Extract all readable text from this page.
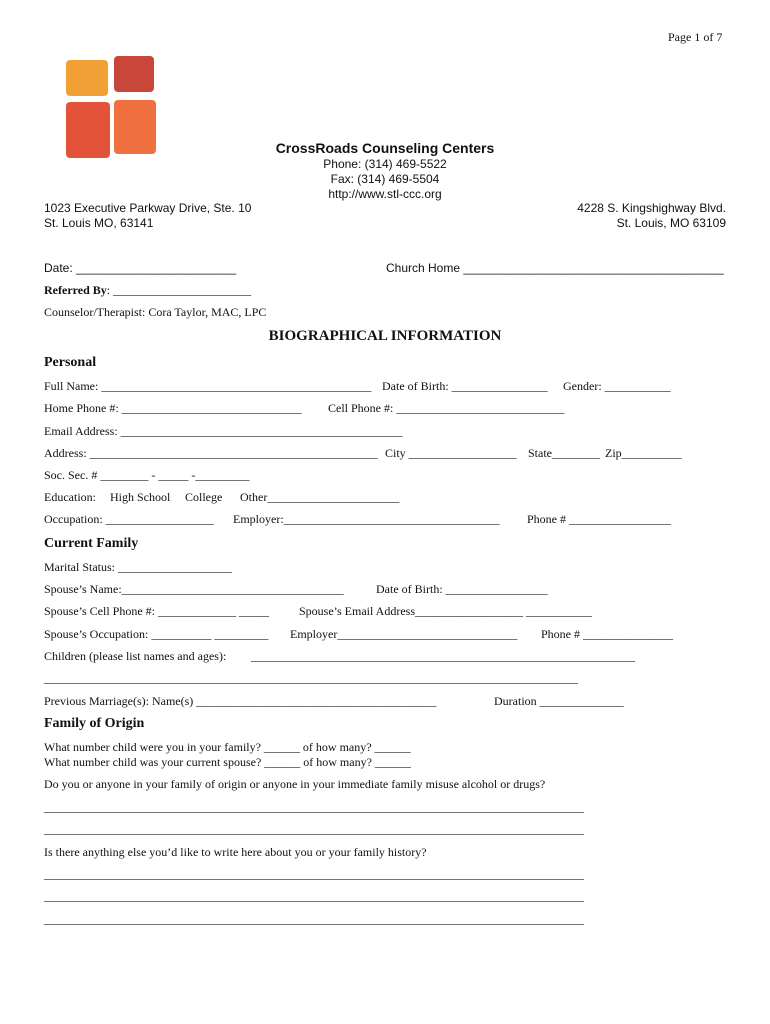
Page 1 of 7
CrossRoads Counseling Centers
Phone: (314) 469-5522
Fax: (314) 469-5504
http://www.stl-ccc.org
1023 Executive Parkway Drive, Ste. 10
St. Louis MO, 63141
4228 S. Kingshighway Blvd.
St. Louis, MO 63109
Date: ________________________	Church Home _______________________________________
Referred By: _______________________
Counselor/Therapist: Cora Taylor, MAC, LPC
BIOGRAPHICAL INFORMATION
Personal
Full Name: _____________________________________________ Date of Birth: ________________ Gender: ___________
Home Phone #: ______________________________ Cell Phone #: ____________________________
Email Address: _______________________________________________
Address: ________________________________________________ City __________________ State________ Zip__________
Soc. Sec. # ________ - _____ -_________
Education: High School College Other______________________
Occupation: __________________ Employer:____________________________________ Phone # _________________
Current Family
Marital Status: ___________________
Spouse’s Name:_____________________________________	Date of Birth: _________________
Spouse’s Cell Phone #: _____________ _____ Spouse’s Email Address__________________ ___________
Spouse’s Occupation: __________ _________ Employer______________________________ Phone # _______________
Children (please list names and ages): ________________________________________________________________
_________________________________________________________________________________________
Previous Marriage(s): Name(s) ________________________________________	Duration ______________
Family of Origin
What number child were you in your family? ______ of how many? ______
What number child was your current spouse? ______ of how many? ______
Do you or anyone in your family of origin or anyone in your immediate family misuse alcohol or drugs?
__________________________________________________________________________________________
__________________________________________________________________________________________
Is there anything else you’d like to write here about you or your family history?
__________________________________________________________________________________________
__________________________________________________________________________________________
__________________________________________________________________________________________
